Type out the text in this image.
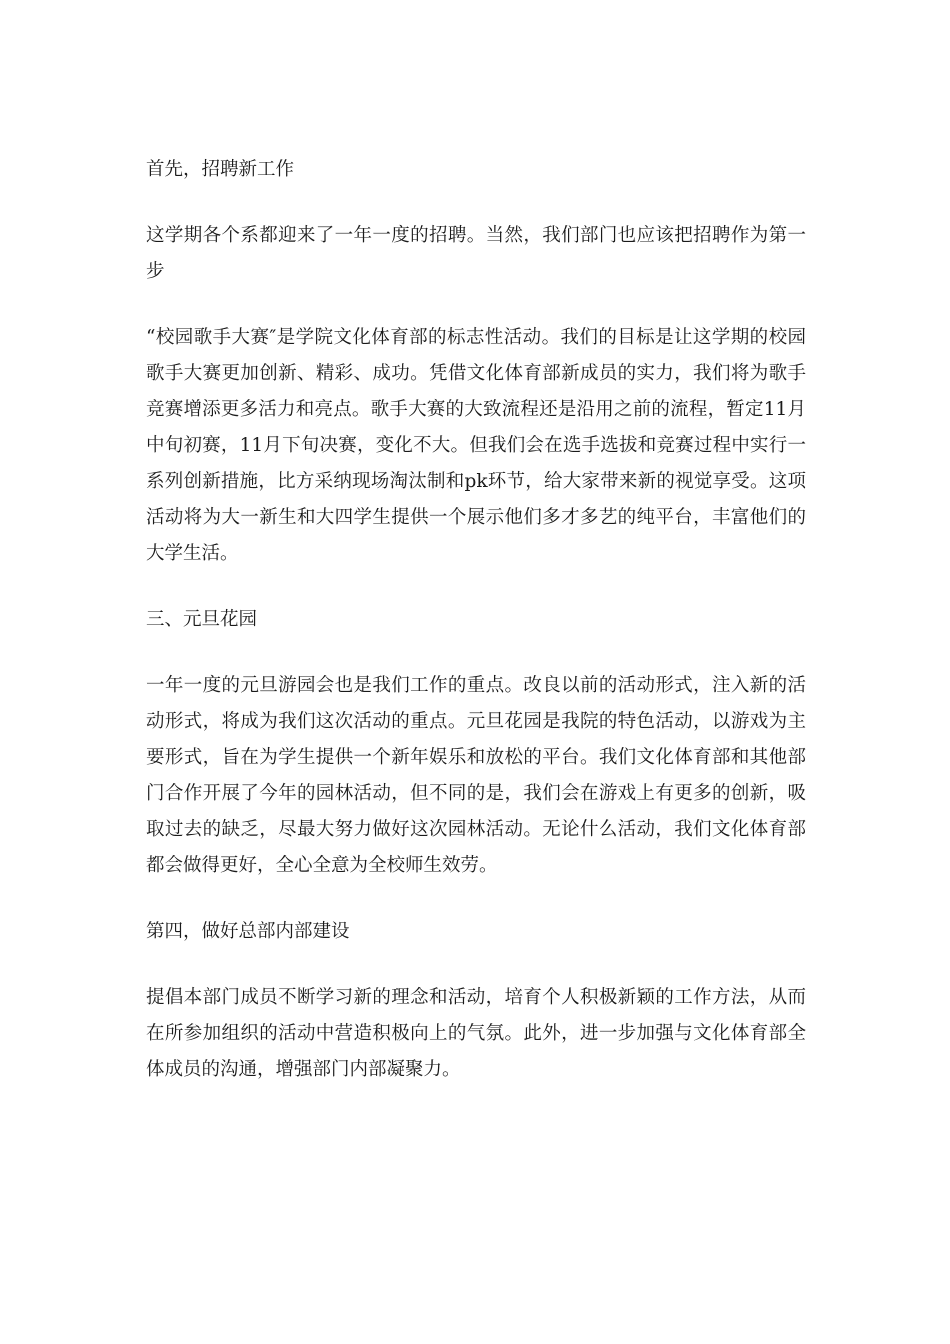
首先，招聘新工作

这学期各个系都迎来了一年一度的招聘。当然，我们部门也应该把招聘作为第一步

“校园歌手大赛″是学院文化体育部的标志性活动。我们的目标是让这学期的校园歌手大赛更加创新、精彩、成功。凭借文化体育部新成员的实力，我们将为歌手竞赛增添更多活力和亮点。歌手大赛的大致流程还是沿用之前的流程，暂定11月中旬初赛，11月下旬决赛，变化不大。但我们会在选手选拔和竞赛过程中实行一系列创新措施，比方采纳现场淘汰制和pk环节，给大家带来新的视觉享受。这项活动将为大一新生和大四学生提供一个展示他们多才多艺的纯平台，丰富他们的大学生活。

三、元旦花园

一年一度的元旦游园会也是我们工作的重点。改良以前的活动形式，注入新的活动形式，将成为我们这次活动的重点。元旦花园是我院的特色活动，以游戏为主要形式，旨在为学生提供一个新年娱乐和放松的平台。我们文化体育部和其他部门合作开展了今年的园林活动，但不同的是，我们会在游戏上有更多的创新，吸取过去的缺乏，尽最大努力做好这次园林活动。无论什么活动，我们文化体育部都会做得更好，全心全意为全校师生效劳。

第四，做好总部内部建设

提倡本部门成员不断学习新的理念和活动，培育个人积极新颖的工作方法，从而在所参加组织的活动中营造积极向上的气氛。此外，进一步加强与文化体育部全体成员的沟通，增强部门内部凝聚力。
